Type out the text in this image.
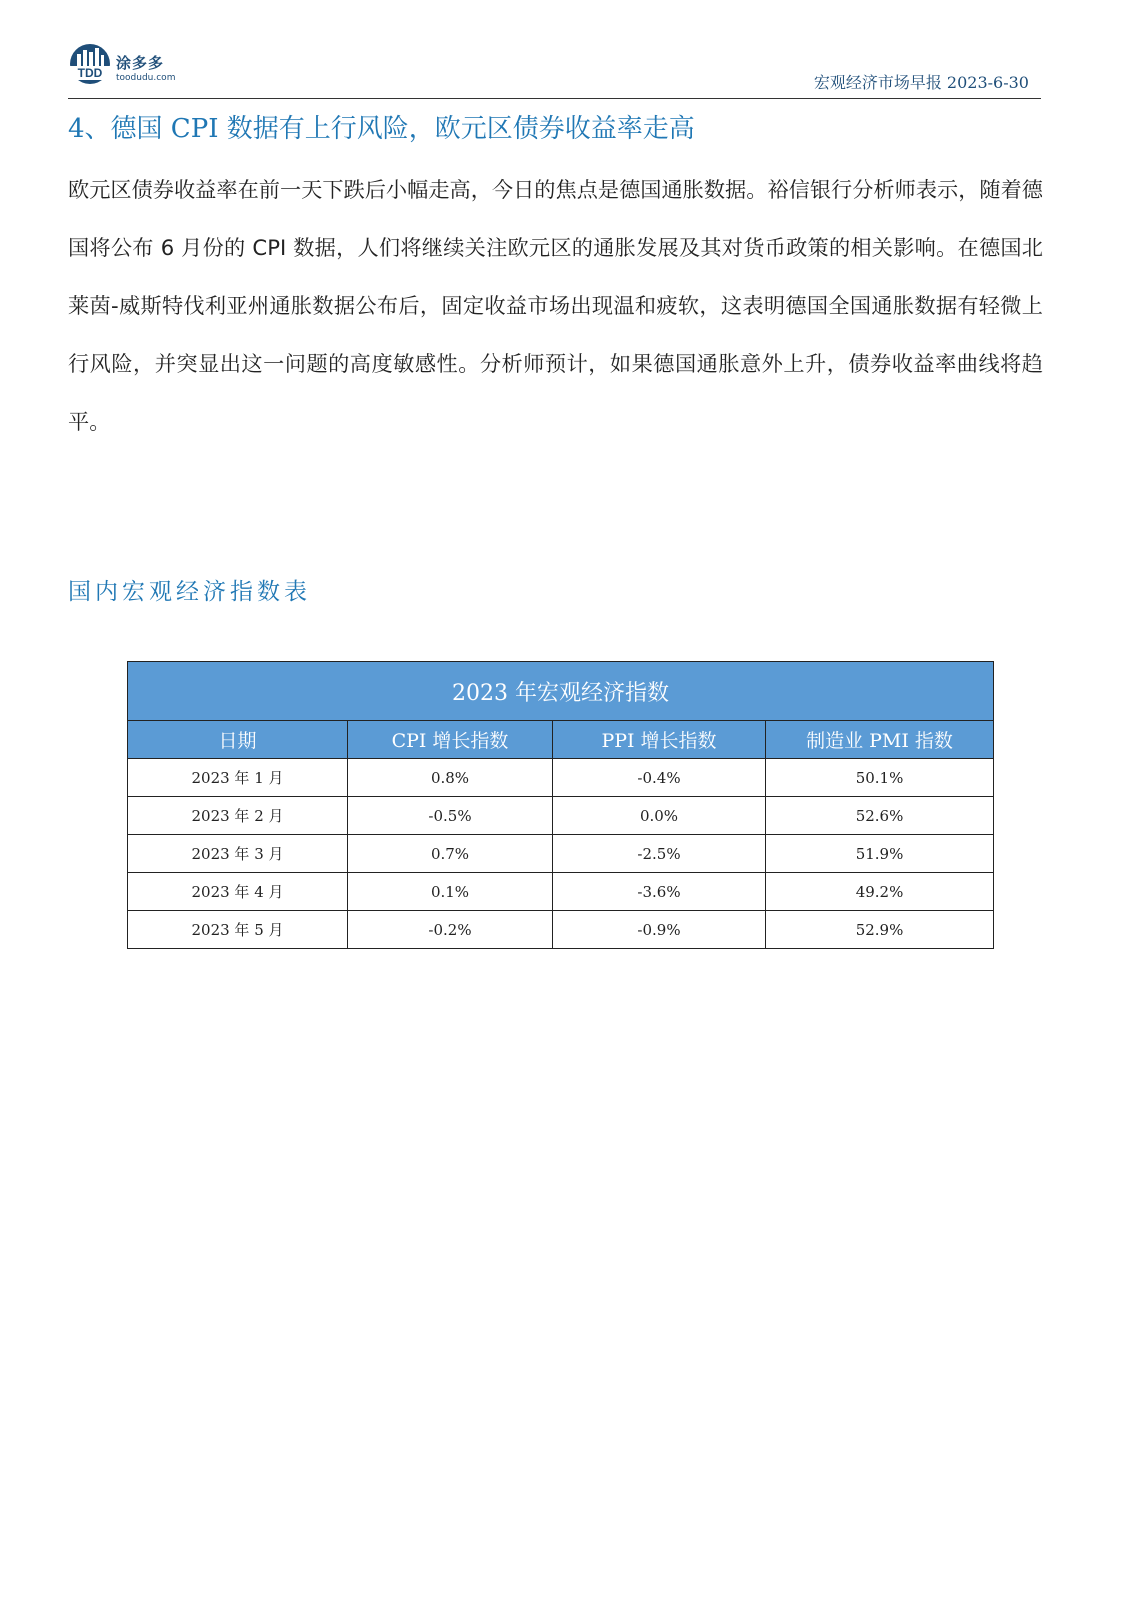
TDD
涂多多
toodudu.com	宏观经济市场早报 2023-6-30
4、德国 CPI 数据有上行风险，欧元区债券收益率走高

欧元区债券收益率在前一天下跌后小幅走高，今日的焦点是德国通胀数据。裕信银行分析师表示，随着德国将公布 6 月份的 CPI 数据，人们将继续关注欧元区的通胀发展及其对货币政策的相关影响。在德国北莱茵-威斯特伐利亚州通胀数据公布后，固定收益市场出现温和疲软，这表明德国全国通胀数据有轻微上行风险，并突显出这一问题的高度敏感性。分析师预计，如果德国通胀意外上升，债券收益率曲线将趋平。

国内宏观经济指数表
2023 年宏观经济指数			
日期	CPI 增长指数	PPI 增长指数	制造业 PMI 指数
2023 年 1 月	0.8%	-0.4%	50.1%
2023 年 2 月	-0.5%	0.0%	52.6%
2023 年 3 月	0.7%	-2.5%	51.9%
2023 年 4 月	0.1%	-3.6%	49.2%
2023 年 5 月	-0.2%	-0.9%	52.9%
